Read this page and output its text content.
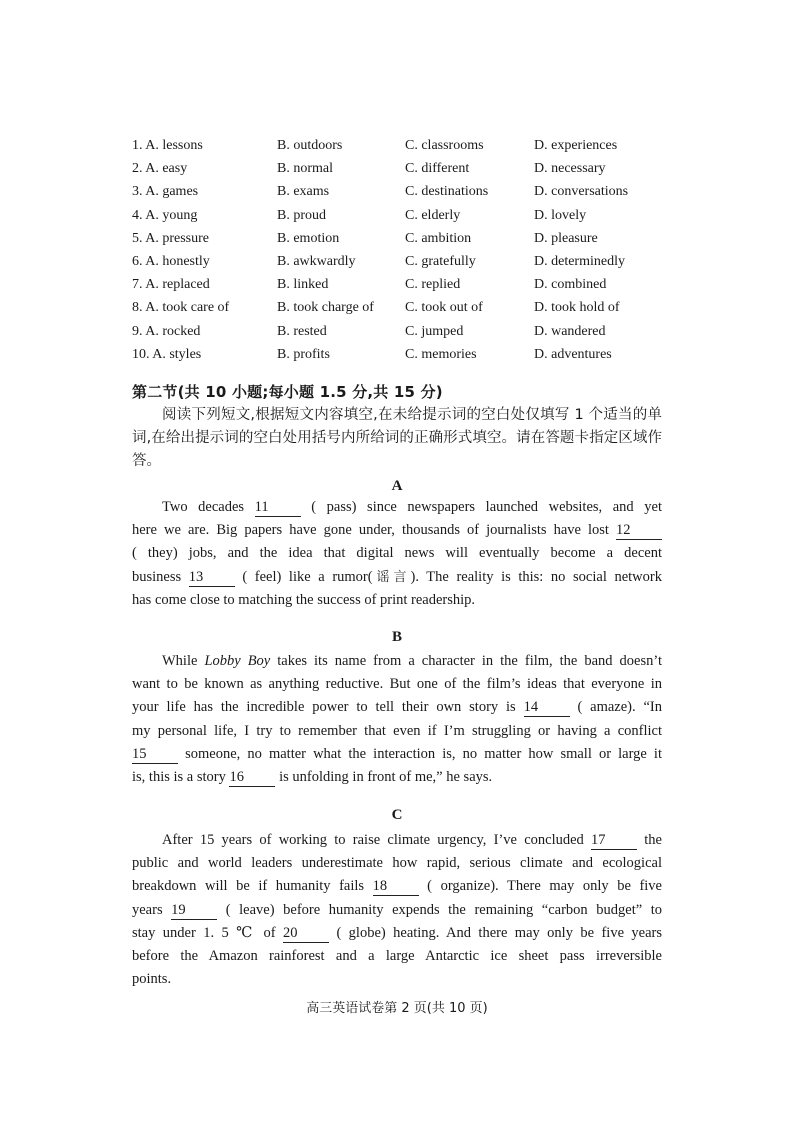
1. A. lessons	B. outdoors	C. classrooms	D. experiences
2. A. easy	B. normal	C. different	D. necessary
3. A. games	B. exams	C. destinations	D. conversations
4. A. young	B. proud	C. elderly	D. lovely
5. A. pressure	B. emotion	C. ambition	D. pleasure
6. A. honestly	B. awkwardly	C. gratefully	D. determinedly
7. A. replaced	B. linked	C. replied	D. combined
8. A. took care of	B. took charge of	C. took out of	D. took hold of
9. A. rocked	B. rested	C. jumped	D. wandered
10. A. styles	B. profits	C. memories	D. adventures
第二节(共 10 小题;每小题 1.5 分,共 15 分)
阅读下列短文,根据短文内容填空,在未给提示词的空白处仅填写 1 个适当的单词,在给出提示词的空白处用括号内所给词的正确形式填空。请在答题卡指定区域作答。
A
Two decades 11 ( pass) since newspapers launched websites, and yet
here we are. Big papers have gone under, thousands of journalists have lost 12
( they) jobs, and the idea that digital news will eventually become a decent
business 13 ( feel) like a rumor(谣言). The reality is this: no social network
has come close to matching the success of print readership.
B
While Lobby Boy takes its name from a character in the film, the band doesn’t
want to be known as anything reductive. But one of the film’s ideas that everyone in
your life has the incredible power to tell their own story is 14 ( amaze). “In
my personal life, I try to remember that even if I’m struggling or having a conflict
15 someone, no matter what the interaction is, no matter how small or large it
is, this is a story 16 is unfolding in front of me,” he says.
C
After 15 years of working to raise climate urgency, I’ve concluded 17 the
public and world leaders underestimate how rapid, serious climate and ecological
breakdown will be if humanity fails 18 ( organize). There may only be five
years 19 ( leave) before humanity expends the remaining “carbon budget” to
stay under 1. 5 ℃ of 20 ( globe) heating. And there may only be five years
before the Amazon rainforest and a large Antarctic ice sheet pass irreversible
points.
高三英语试卷第 2 页(共 10 页)
